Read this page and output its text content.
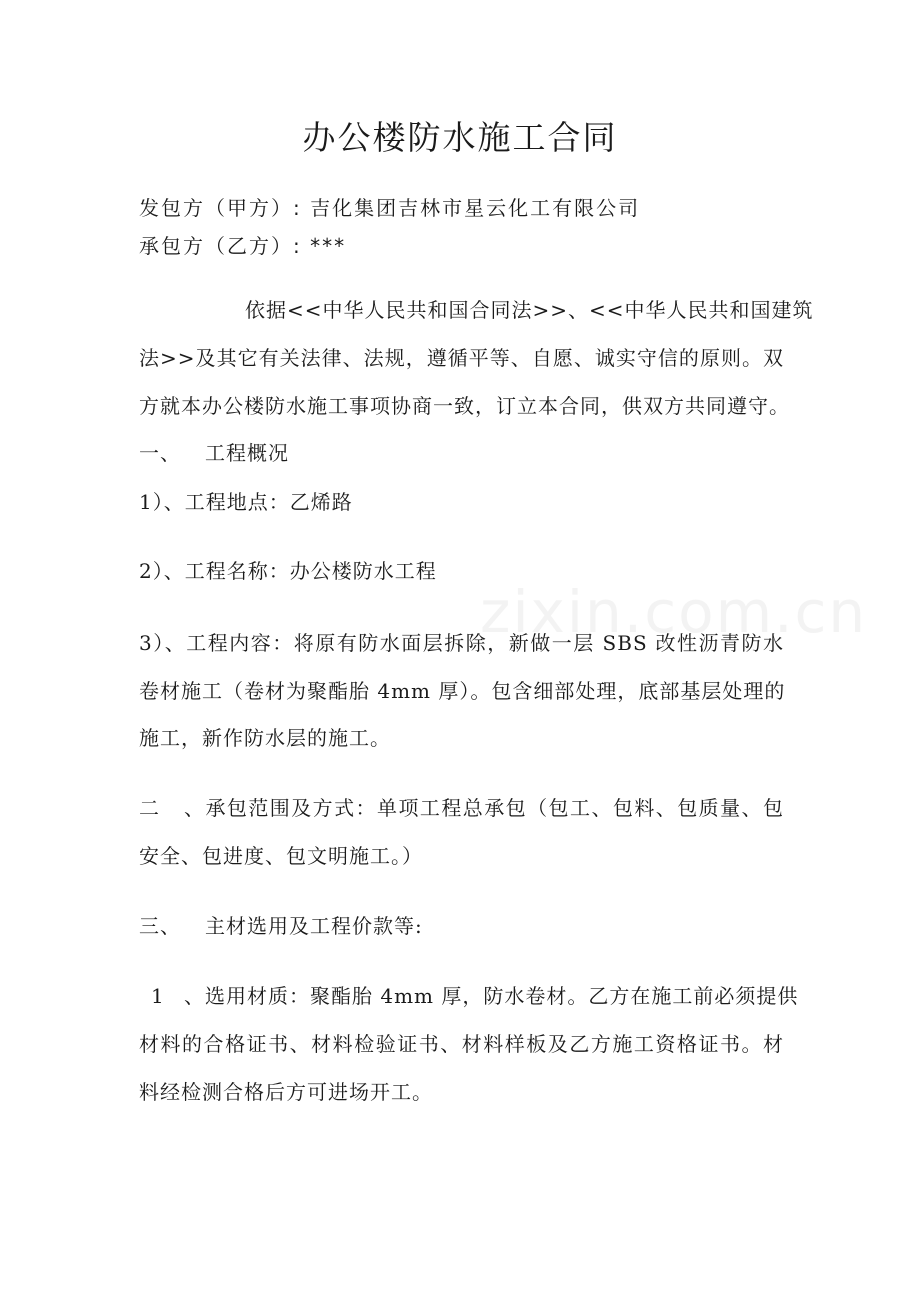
zixin.com.cn
办公楼防水施工合同

发包方（甲方）: 吉化集团吉林市星云化工有限公司

承包方（乙方）: ***

依据<<中华人民共和国合同法>>、<<中华人民共和国建筑

法>>及其它有关法律、法规，遵循平等、自愿、诚实守信的原则。双

方就本办公楼防水施工事项协商一致，订立本合同，供双方共同遵守。

一、 工程概况

1）、工程地点：乙烯路

2）、工程名称：办公楼防水工程

3）、工程内容：将原有防水面层拆除，新做一层 SBS 改性沥青防水

卷材施工（卷材为聚酯胎 4mm 厚）。包含细部处理，底部基层处理的

施工，新作防水层的施工。

二、承包范围及方式：单项工程总承包（包工、包料、包质量、包

安全、包进度、包文明施工。）

三、 主材选用及工程价款等:

1、选用材质：聚酯胎 4mm 厚，防水卷材。乙方在施工前必须提供

材料的合格证书、材料检验证书、材料样板及乙方施工资格证书。材

料经检测合格后方可进场开工。
